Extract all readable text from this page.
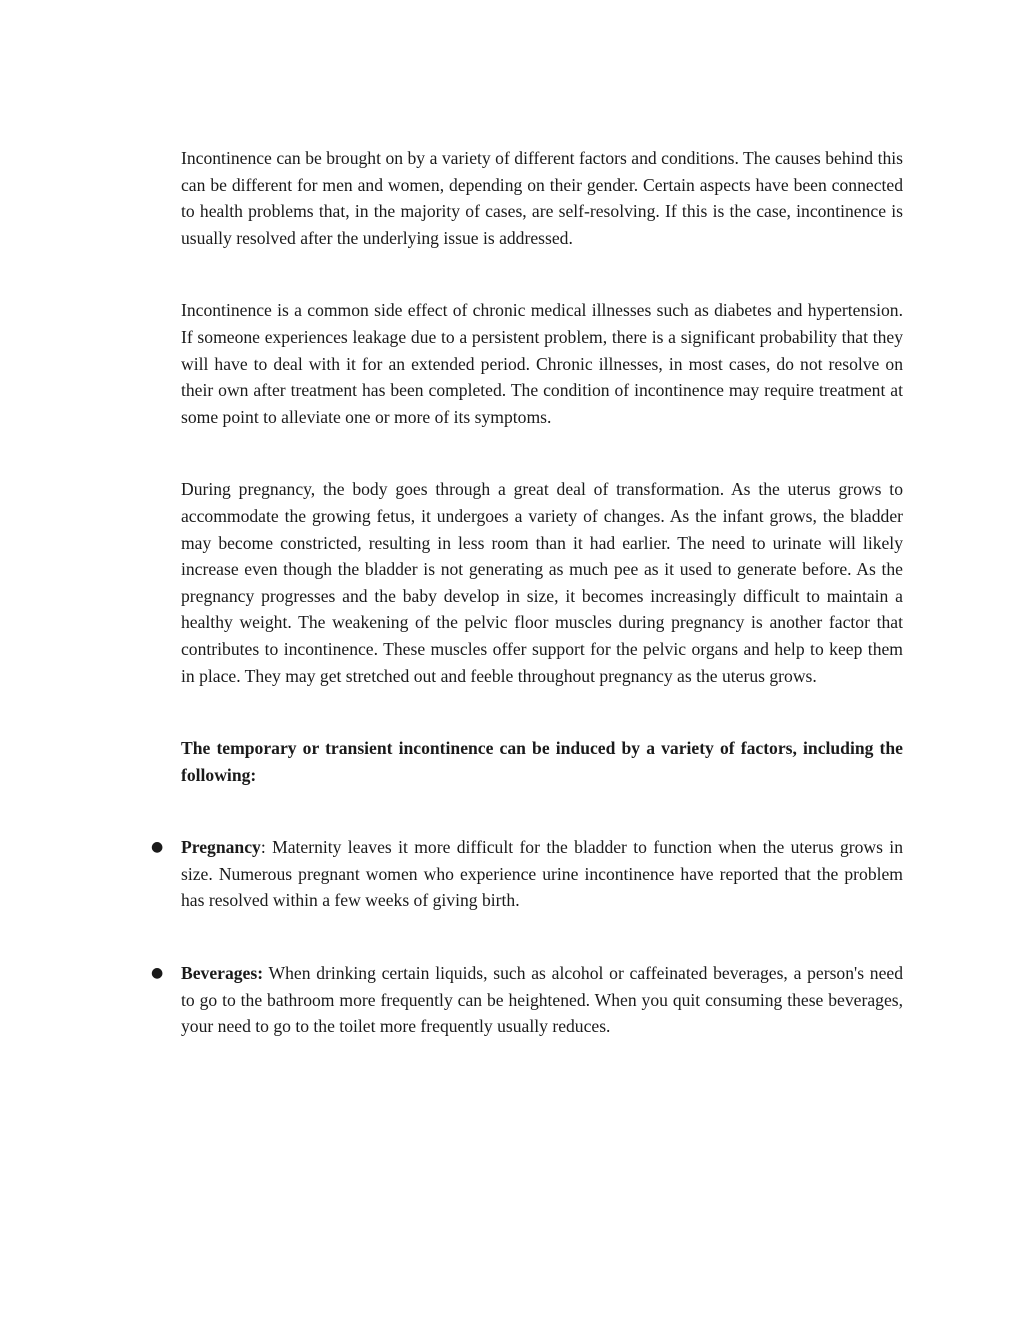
Incontinence can be brought on by a variety of different factors and conditions. The causes behind this can be different for men and women, depending on their gender. Certain aspects have been connected to health problems that, in the majority of cases, are self-resolving. If this is the case, incontinence is usually resolved after the underlying issue is addressed.

Incontinence is a common side effect of chronic medical illnesses such as diabetes and hypertension. If someone experiences leakage due to a persistent problem, there is a significant probability that they will have to deal with it for an extended period. Chronic illnesses, in most cases, do not resolve on their own after treatment has been completed. The condition of incontinence may require treatment at some point to alleviate one or more of its symptoms.

During pregnancy, the body goes through a great deal of transformation. As the uterus grows to accommodate the growing fetus, it undergoes a variety of changes. As the infant grows, the bladder may become constricted, resulting in less room than it had earlier. The need to urinate will likely increase even though the bladder is not generating as much pee as it used to generate before. As the pregnancy progresses and the baby develop in size, it becomes increasingly difficult to maintain a healthy weight. The weakening of the pelvic floor muscles during pregnancy is another factor that contributes to incontinence. These muscles offer support for the pelvic organs and help to keep them in place. They may get stretched out and feeble throughout pregnancy as the uterus grows.

The temporary or transient incontinence can be induced by a variety of factors, including the following:

● Pregnancy: Maternity leaves it more difficult for the bladder to function when the uterus grows in size. Numerous pregnant women who experience urine incontinence have reported that the problem has resolved within a few weeks of giving birth.
● Beverages: When drinking certain liquids, such as alcohol or caffeinated beverages, a person's need to go to the bathroom more frequently can be heightened. When you quit consuming these beverages, your need to go to the toilet more frequently usually reduces.
